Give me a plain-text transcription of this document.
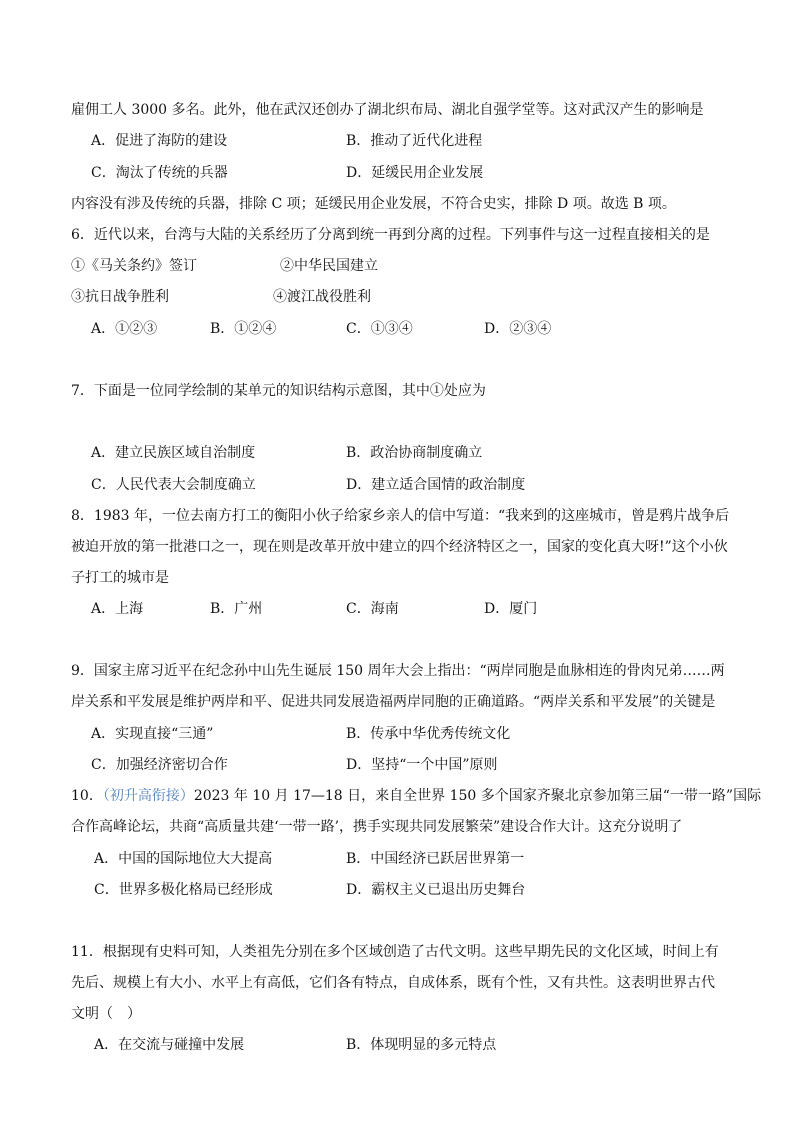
雇佣工人 3000 多名。此外，他在武汉还创办了湖北织布局、湖北自强学堂等。这对武汉产生的影响是
A．促进了海防的建设	B．推动了近代化进程
C．淘汰了传统的兵器	D．延缓民用企业发展
内容没有涉及传统的兵器，排除 C 项；延缓民用企业发展，不符合史实，排除 D 项。故选 B 项。
6．近代以来，台湾与大陆的关系经历了分离到统一再到分离的过程。下列事件与这一过程直接相关的是
①《马关条约》签订	②中华民国建立
③抗日战争胜利	④渡江战役胜利
A．①②③	B．①②④	C．①③④	D．②③④
7．下面是一位同学绘制的某单元的知识结构示意图，其中①处应为
A．建立民族区域自治制度	B．政治协商制度确立
C．人民代表大会制度确立	D．建立适合国情的政治制度
8．1983 年，一位去南方打工的衡阳小伙子给家乡亲人的信中写道：“我来到的这座城市，曾是鸦片战争后
被迫开放的第一批港口之一，现在则是改革开放中建立的四个经济特区之一，国家的变化真大呀!”这个小伙
子打工的城市是
A．上海	B．广州	C．海南	D．厦门
9．国家主席习近平在纪念孙中山先生诞辰 150 周年大会上指出：“两岸同胞是血脉相连的骨肉兄弟……两
岸关系和平发展是维护两岸和平、促进共同发展造福两岸同胞的正确道路。“两岸关系和平发展”的关键是
A．实现直接“三通”	B．传承中华优秀传统文化
C．加强经济密切合作	D．坚持“一个中国”原则
10．（初升高衔接）2023 年 10 月 17—18 日，来自全世界 150 多个国家齐聚北京参加第三届“一带一路”国际
合作高峰论坛，共商“高质量共建‘一带一路’，携手实现共同发展繁荣”建设合作大计。这充分说明了
A．中国的国际地位大大提高	B．中国经济已跃居世界第一
C．世界多极化格局已经形成	D．霸权主义已退出历史舞台
11．根据现有史料可知，人类祖先分别在多个区域创造了古代文明。这些早期先民的文化区域，时间上有
先后、规模上有大小、水平上有高低，它们各有特点，自成体系，既有个性，又有共性。这表明世界古代
文明（　）
A．在交流与碰撞中发展	B．体现明显的多元特点
